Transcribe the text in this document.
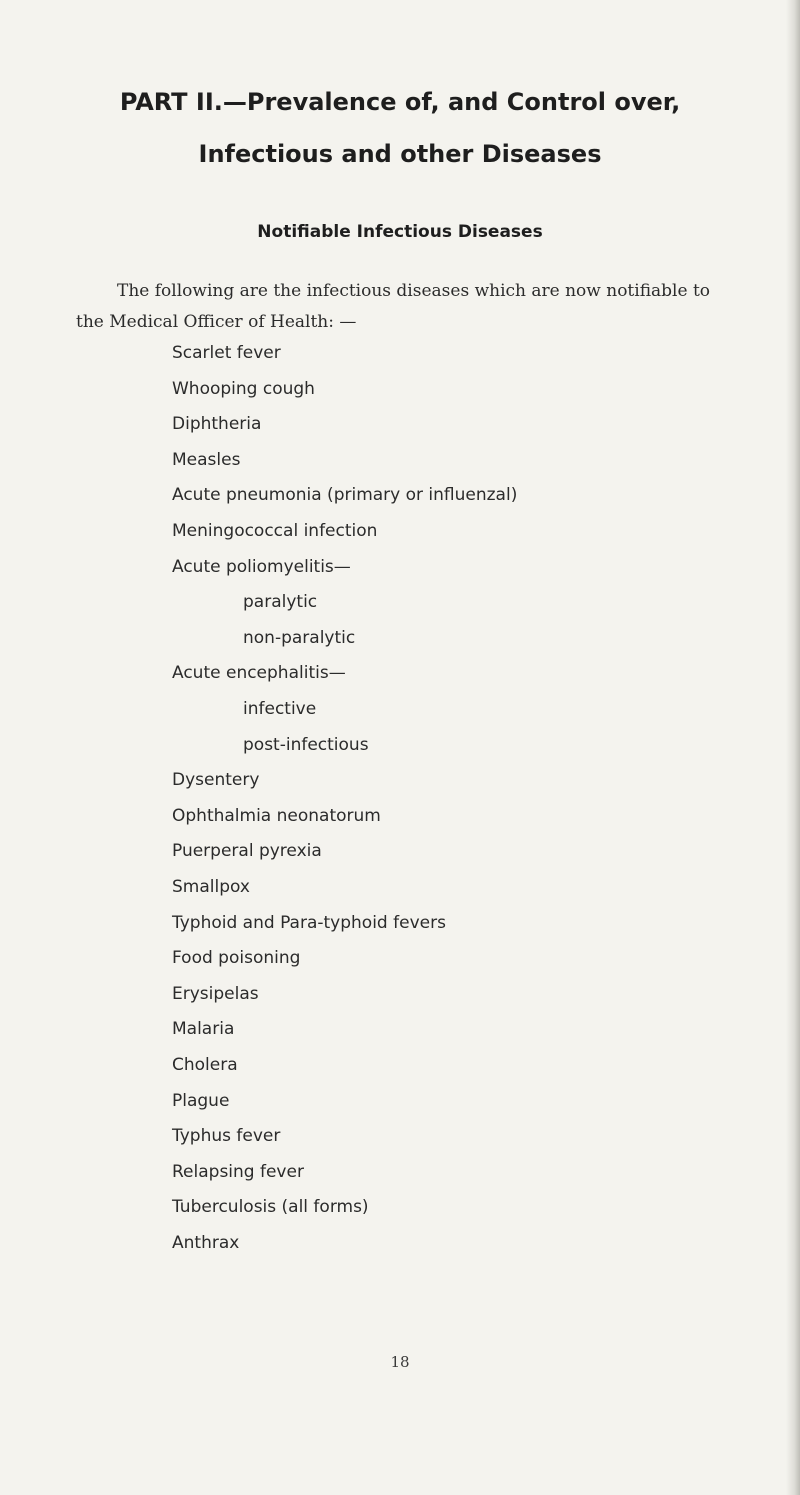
PART II.—Prevalence of, and Control over,
Infectious and other Diseases
Notifiable Infectious Diseases
The following are the infectious diseases which are now notifiable to
the Medical Officer of Health: —
Scarlet fever
Whooping cough
Diphtheria
Measles
Acute pneumonia (primary or influenzal)
Meningococcal infection
Acute poliomyelitis—
paralytic
non-paralytic
Acute encephalitis—
infective
post-infectious
Dysentery
Ophthalmia neonatorum
Puerperal pyrexia
Smallpox
Typhoid and Para-typhoid fevers
Food poisoning
Erysipelas
Malaria
Cholera
Plague
Typhus fever
Relapsing fever
Tuberculosis (all forms)
Anthrax
18
